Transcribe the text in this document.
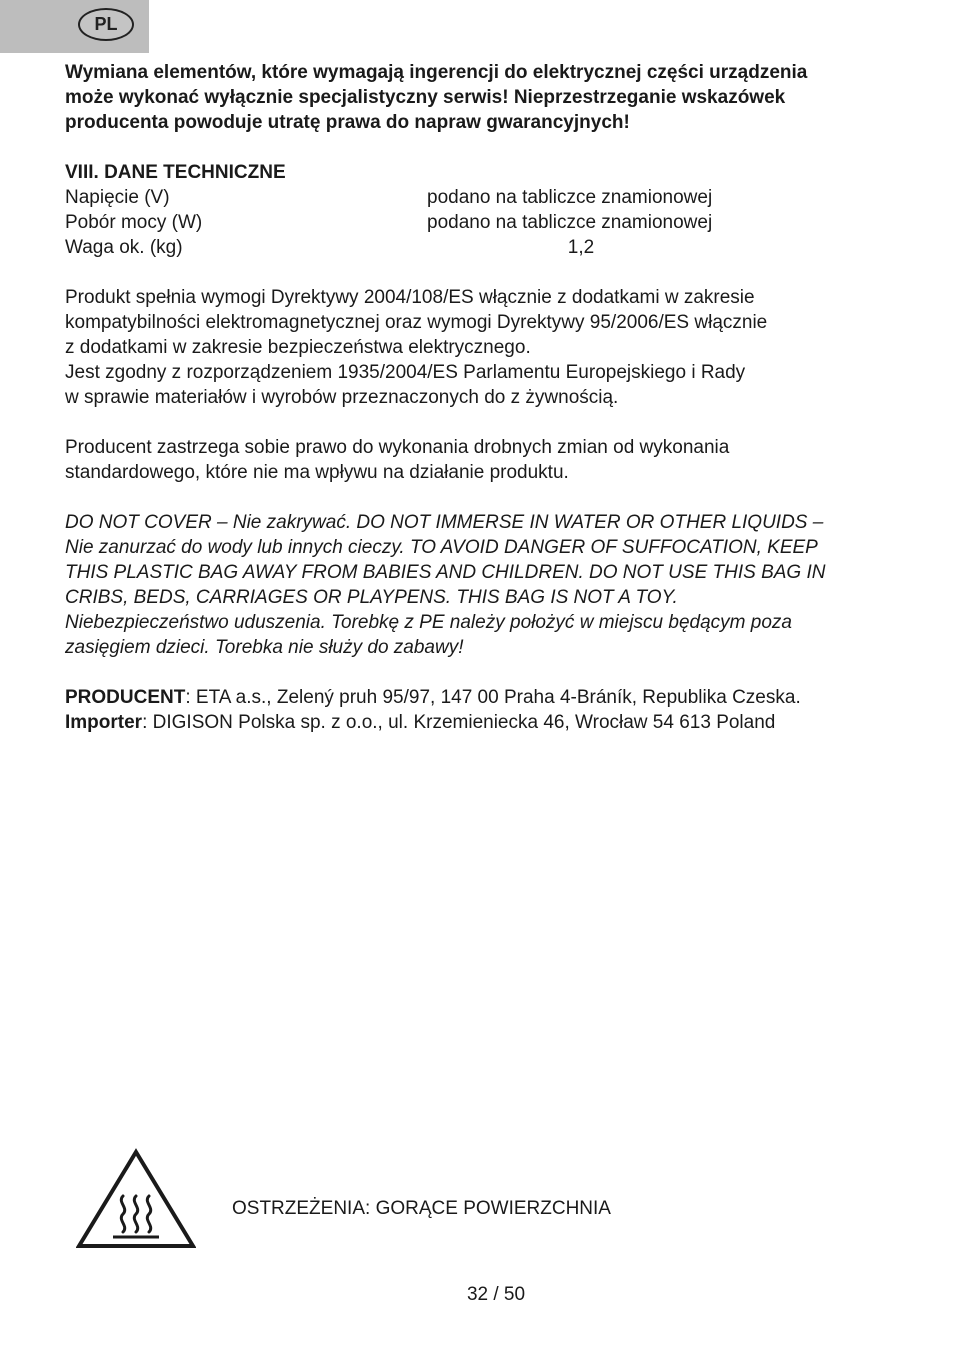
PL

Wymiana elementów, które wymagają ingerencji do elektrycznej części urządzenia
może wykonać wyłącznie specjalistyczny serwis! Nieprzestrzeganie wskazówek
producenta powoduje utratę prawa do napraw gwarancyjnych!

VIII. DANE TECHNICZNE

Napięcie (V)	podano na tabliczce znamionowej
Pobór mocy (W)	podano na tabliczce znamionowej
Waga ok. (kg)	1,2

Produkt spełnia wymogi Dyrektywy 2004/108/ES włącznie z dodatkami w zakresie
kompatybilności elektromagnetycznej oraz wymogi Dyrektywy 95/2006/ES włącznie
z dodatkami w zakresie bezpieczeństwa elektrycznego.
Jest zgodny z rozporządzeniem 1935/2004/ES Parlamentu Europejskiego i Rady
w sprawie materiałów i wyrobów przeznaczonych do z żywnością.

Producent zastrzega sobie prawo do wykonania drobnych zmian od wykonania
standardowego, które nie ma wpływu na działanie produktu.

DO NOT COVER – Nie zakrywać. DO NOT IMMERSE IN WATER OR OTHER LIQUIDS –
Nie zanurzać do wody lub innych cieczy. TO AVOID DANGER OF SUFFOCATION, KEEP
THIS PLASTIC BAG AWAY FROM BABIES AND CHILDREN. DO NOT USE THIS BAG IN
CRIBS, BEDS, CARRIAGES OR PLAYPENS. THIS BAG IS NOT A TOY.
Niebezpieczeństwo uduszenia. Torebkę z PE należy położyć w miejscu będącym poza
zasięgiem dzieci. Torebka nie służy do zabawy!

PRODUCENT: ETA a.s., Zelený pruh 95/97, 147 00 Praha 4-Bráník, Republika Czeska.

Importer: DIGISON Polska sp. z o.o., ul. Krzemieniecka 46, Wrocław 54 613 Poland

OSTRZEŻENIA: GORĄCE POWIERZCHNIA
32 / 50
